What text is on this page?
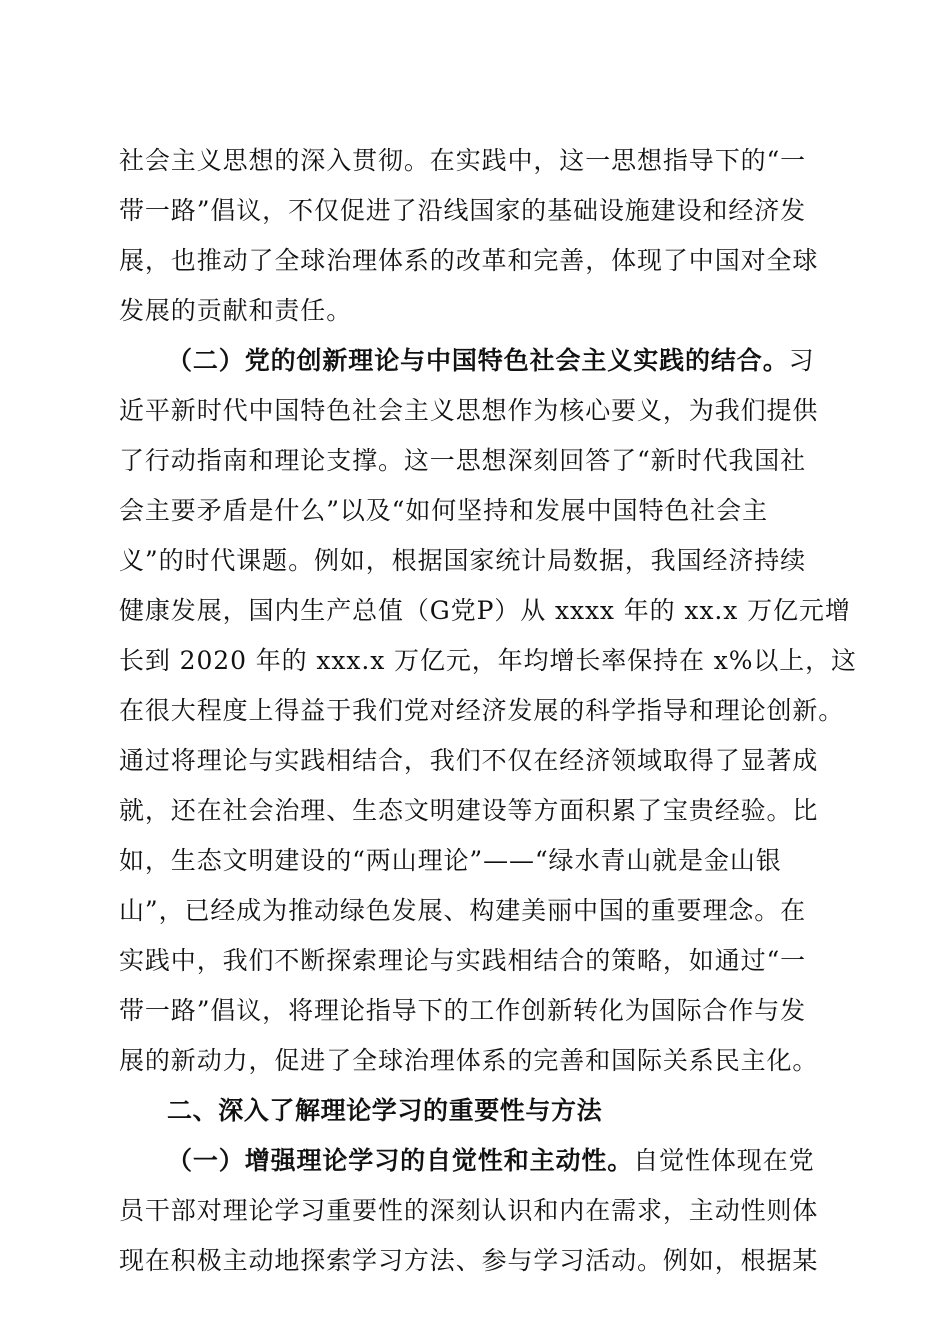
社会主义思想的深入贯彻。在实践中，这一思想指导下的“一
带一路”倡议，不仅促进了沿线国家的基础设施建设和经济发
展，也推动了全球治理体系的改革和完善，体现了中国对全球
发展的贡献和责任。
（二）党的创新理论与中国特色社会主义实践的结合。习
近平新时代中国特色社会主义思想作为核心要义，为我们提供
了行动指南和理论支撑。这一思想深刻回答了“新时代我国社
会主要矛盾是什么”以及“如何坚持和发展中国特色社会主
义”的时代课题。例如，根据国家统计局数据，我国经济持续
健康发展，国内生产总值（G党P）从 xxxx 年的 xx.x 万亿元增
长到 2020 年的 xxx.x 万亿元，年均增长率保持在 x%以上，这
在很大程度上得益于我们党对经济发展的科学指导和理论创新。
通过将理论与实践相结合，我们不仅在经济领域取得了显著成
就，还在社会治理、生态文明建设等方面积累了宝贵经验。比
如，生态文明建设的“两山理论”——“绿水青山就是金山银
山”，已经成为推动绿色发展、构建美丽中国的重要理念。在
实践中，我们不断探索理论与实践相结合的策略，如通过“一
带一路”倡议，将理论指导下的工作创新转化为国际合作与发
展的新动力，促进了全球治理体系的完善和国际关系民主化。
二、深入了解理论学习的重要性与方法
（一）增强理论学习的自觉性和主动性。自觉性体现在党
员干部对理论学习重要性的深刻认识和内在需求，主动性则体
现在积极主动地探索学习方法、参与学习活动。例如，根据某
